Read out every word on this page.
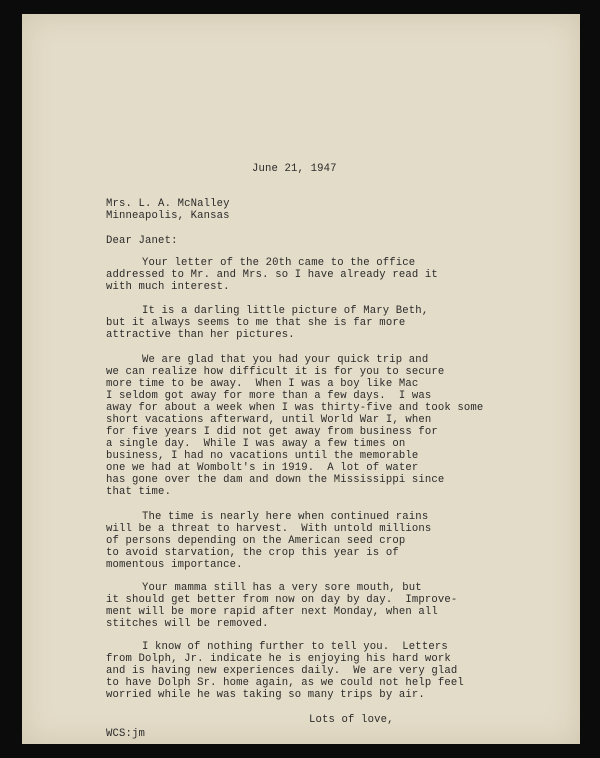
June 21, 1947
Mrs. L. A. McNalley
Minneapolis, Kansas
Dear Janet:
Your letter of the 20th came to the office
addressed to Mr. and Mrs. so I have already read it
with much interest.
It is a darling little picture of Mary Beth,
but it always seems to me that she is far more
attractive than her pictures.
We are glad that you had your quick trip and
we can realize how difficult it is for you to secure
more time to be away.  When I was a boy like Mac
I seldom got away for more than a few days.  I was
away for about a week when I was thirty-five and took some
short vacations afterward, until World War I, when
for five years I did not get away from business for
a single day.  While I was away a few times on
business, I had no vacations until the memorable
one we had at Wombolt's in 1919.  A lot of water
has gone over the dam and down the Mississippi since
that time.
The time is nearly here when continued rains
will be a threat to harvest.  With untold millions
of persons depending on the American seed crop
to avoid starvation, the crop this year is of
momentous importance.
Your mamma still has a very sore mouth, but
it should get better from now on day by day.  Improve-
ment will be more rapid after next Monday, when all
stitches will be removed.
I know of nothing further to tell you.  Letters
from Dolph, Jr. indicate he is enjoying his hard work
and is having new experiences daily.  We are very glad
to have Dolph Sr. home again, as we could not help feel
worried while he was taking so many trips by air.
Lots of love,
WCS:jm
